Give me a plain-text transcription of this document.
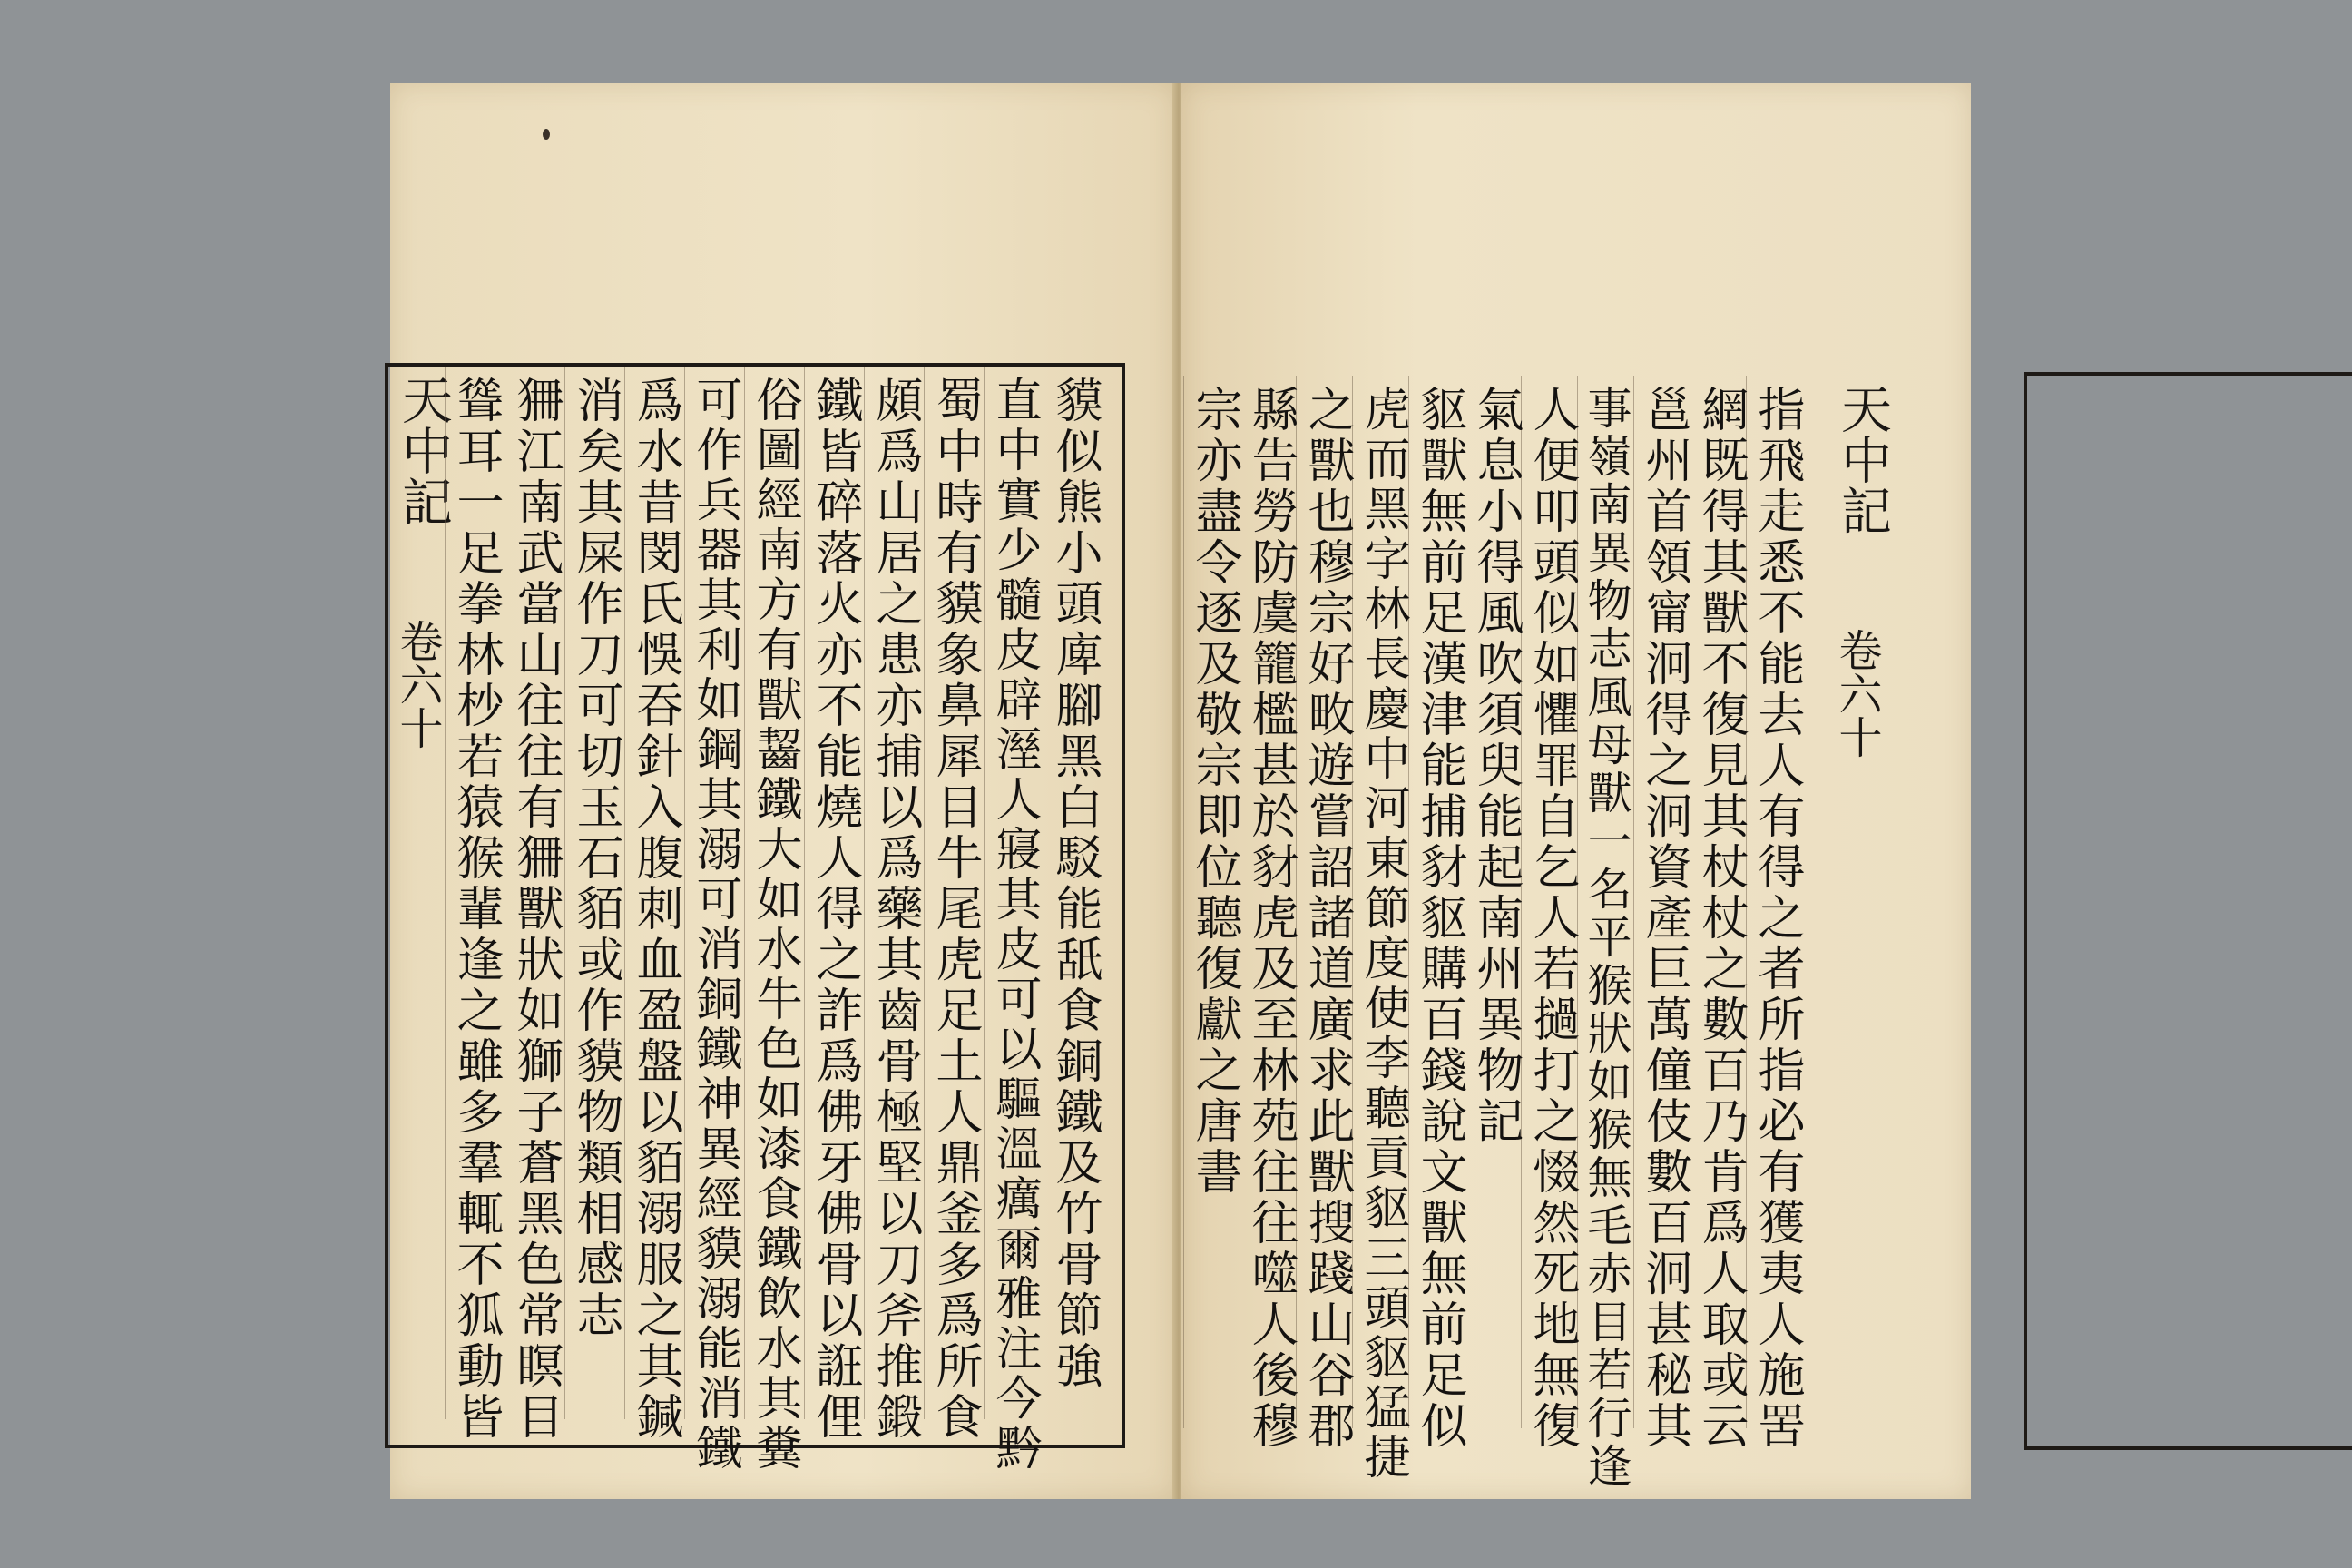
天中記
卷六十	貘似熊小頭庳腳黑白駁能舐食銅鐵及竹骨節強
直中實少髓皮辟溼人寢其皮可以驅溫癘爾雅注今黔
蜀中時有貘象鼻犀目牛尾虎足土人鼎釜多爲所食
頗爲山居之患亦捕以爲藥其齒骨極堅以刀斧推鍛
鐵皆碎落火亦不能燒人得之詐爲佛牙佛骨以誑俚
俗圖經南方有獸齧鐵大如水牛色如漆食鐵飲水其糞
可作兵器其利如鋼其溺可消銅鐵神異經貘溺能消鐵
爲水昔閔氏悞吞針入腹刺血盈盤以貊溺服之其鍼
消矣其屎作刀可切玉石貊或作貘物類相感志
狦江南武當山往往有狦獸狀如獅子蒼黑色常瞑目
聳耳一足拳林杪若猿猴輩逢之雖多羣輒不狐動皆	天中記
卷六十
指飛走悉不能去人有得之者所指必有獲夷人施罟
網既得其獸不復見其杖杖之數百乃肯爲人取或云
邕州首領甯泂得之泂資產巨萬僮伎數百泂甚秘其
事嶺南異物志風母獸一名平猴狀如猴無毛赤目若行逢
人便叩頭似如懼罪自乞人若撾打之惙然死地無復
氣息小得風吹須臾能起南州異物記
䝙獸無前足漢津能捕豺䝙購百錢說文獸無前足似
虎而黑字林長慶中河東節度使李聽貢䝙三頭䝙猛捷
之獸也穆宗好畋遊嘗詔諸道廣求此獸搜踐山谷郡
縣告勞防虞籠檻甚於豺虎及至林苑往往噬人後穆
宗亦盡令逐及敬宗即位聽復獻之唐書
